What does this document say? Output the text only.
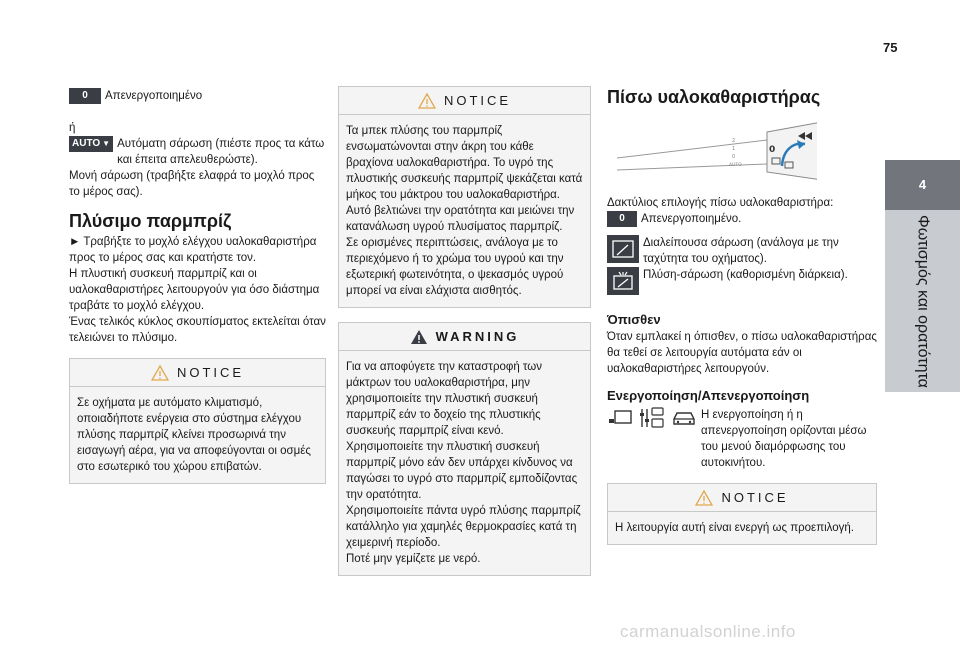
75
4
Φωτισμός και ορατότητα
0	Απενεργοποιημένο

ή

AUTO ▼ Αυτόματη σάρωση (πιέστε προς τα κάτω και έπειτα απελευθερώστε).

Μονή σάρωση (τραβήξτε ελαφρά το μοχλό προς το μέρος σας).

Πλύσιμο παρμπρίζ

► Τραβήξτε το μοχλό ελέγχου υαλοκαθαριστήρα προς το μέρος σας και κρατήστε τον.

Η πλυστική συσκευή παρμπρίζ και οι υαλοκαθαριστήρες λειτουργούν για όσο διάστημα τραβάτε το μοχλό ελέγχου.

Ένας τελικός κύκλος σκουπίσματος εκτελείται όταν τελειώνει το πλύσιμο.

NOTICE

Σε οχήματα με αυτόματο κλιματισμό, οποιαδήποτε ενέργεια στο σύστημα ελέγχου πλύσης παρμπρίζ κλείνει προσωρινά την εισαγωγή αέρα, για να αποφεύγονται οι οσμές στο εσωτερικό του χώρου επιβατών.

NOTICE

Τα μπεκ πλύσης του παρμπρίζ ενσωματώνονται στην άκρη του κάθε βραχίονα υαλοκαθαριστήρα. Το υγρό της πλυστικής συσκευής παρμπρίζ ψεκάζεται κατά μήκος του μάκτρου του υαλοκαθαριστήρα. Αυτό βελτιώνει την ορατότητα και μειώνει την κατανάλωση υγρού πλυσίματος παρμπρίζ.

Σε ορισμένες περιπτώσεις, ανάλογα με το περιεχόμενο ή το χρώμα του υγρού και την εξωτερική φωτεινότητα, ο ψεκασμός υγρού μπορεί να είναι ελάχιστα αισθητός.

WARNING

Για να αποφύγετε την καταστροφή των μάκτρων του υαλοκαθαριστήρα, μην χρησιμοποιείτε την πλυστική συσκευή παρμπρίζ εάν το δοχείο της πλυστικής συσκευής παρμπρίζ είναι κενό.

Χρησιμοποιείτε την πλυστική συσκευή παρμπρίζ μόνο εάν δεν υπάρχει κίνδυνος να παγώσει το υγρό στο παρμπρίζ εμποδίζοντας την ορατότητα.

Χρησιμοποιείτε πάντα υγρό πλύσης παρμπρίζ κατάλληλο για χαμηλές θερμοκρασίες κατά τη χειμερινή περίοδο.

Ποτέ μην γεμίζετε με νερό.

Πίσω υαλοκαθαριστήρας
0
2
1
0
AUTO

Δακτύλιος επιλογής πίσω υαλοκαθαριστήρα:

0	Απενεργοποιημένο.
Διαλείπουσα σάρωση (ανάλογα με την ταχύτητα του οχήματος).
Πλύση-σάρωση (καθορισμένη διάρκεια).
Όπισθεν

Όταν εμπλακεί η όπισθεν, ο πίσω υαλοκαθαριστήρας θα τεθεί σε λειτουργία αυτόματα εάν οι υαλοκαθαριστήρες λειτουργούν.

Ενεργοποίηση/Απενεργοποίηση
Η ενεργοποίηση ή η απενεργοποίηση ορίζονται μέσω του μενού διαμόρφωσης του αυτοκινήτου.
NOTICE

Η λειτουργία αυτή είναι ενεργή ως προεπιλογή.

carmanualsonline.info
